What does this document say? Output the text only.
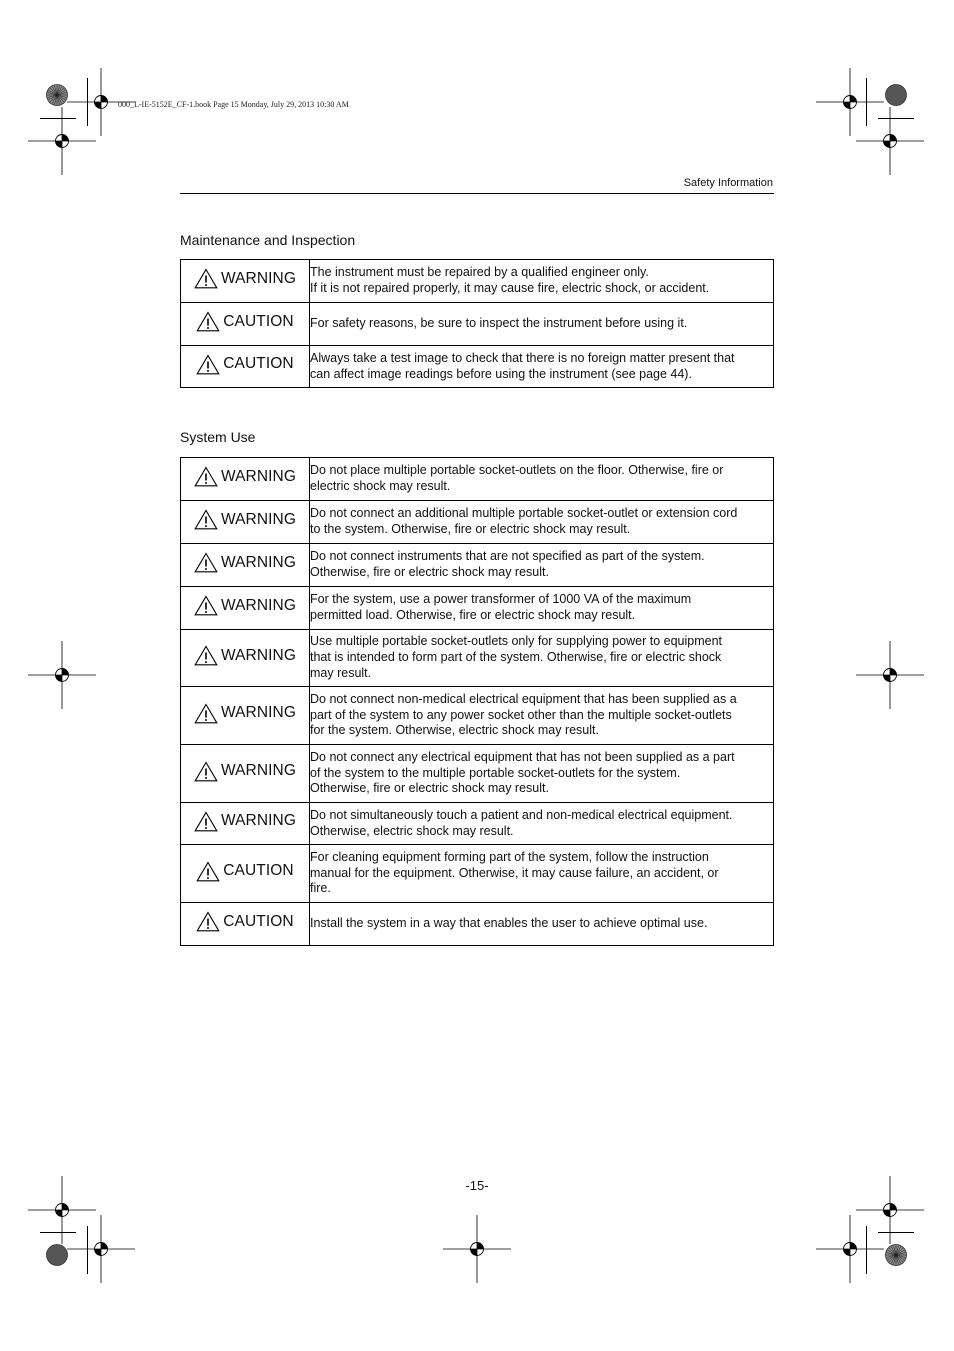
000_L-IE-5152E_CF-1.book Page 15 Monday, July 29, 2013 10:30 AM
Safety Information
Maintenance and Inspection
WARNING	The instrument must be repaired by a qualified engineer only.
If it is not repaired properly, it may cause fire, electric shock, or accident.

CAUTION	For safety reasons, be sure to inspect the instrument before using it.

CAUTION	Always take a test image to check that there is no foreign matter present that
can affect image readings before using the instrument (see page 44).
System Use
WARNING	Do not place multiple portable socket-outlets on the floor. Otherwise, fire or
electric shock may result.

WARNING	Do not connect an additional multiple portable socket-outlet or extension cord
to the system. Otherwise, fire or electric shock may result.

WARNING	Do not connect instruments that are not specified as part of the system.
Otherwise, fire or electric shock may result.

WARNING	For the system, use a power transformer of 1000 VA of the maximum
permitted load. Otherwise, fire or electric shock may result.

WARNING	Use multiple portable socket-outlets only for supplying power to equipment
that is intended to form part of the system. Otherwise, fire or electric shock
may result.

WARNING	Do not connect non-medical electrical equipment that has been supplied as a
part of the system to any power socket other than the multiple socket-outlets
for the system. Otherwise, electric shock may result.

WARNING	Do not connect any electrical equipment that has not been supplied as a part
of the system to the multiple portable socket-outlets for the system.
Otherwise, fire or electric shock may result.

WARNING	Do not simultaneously touch a patient and non-medical electrical equipment.
Otherwise, electric shock may result.

CAUTION	For cleaning equipment forming part of the system, follow the instruction
manual for the equipment. Otherwise, it may cause failure, an accident, or
fire.

CAUTION	Install the system in a way that enables the user to achieve optimal use.
-15-
